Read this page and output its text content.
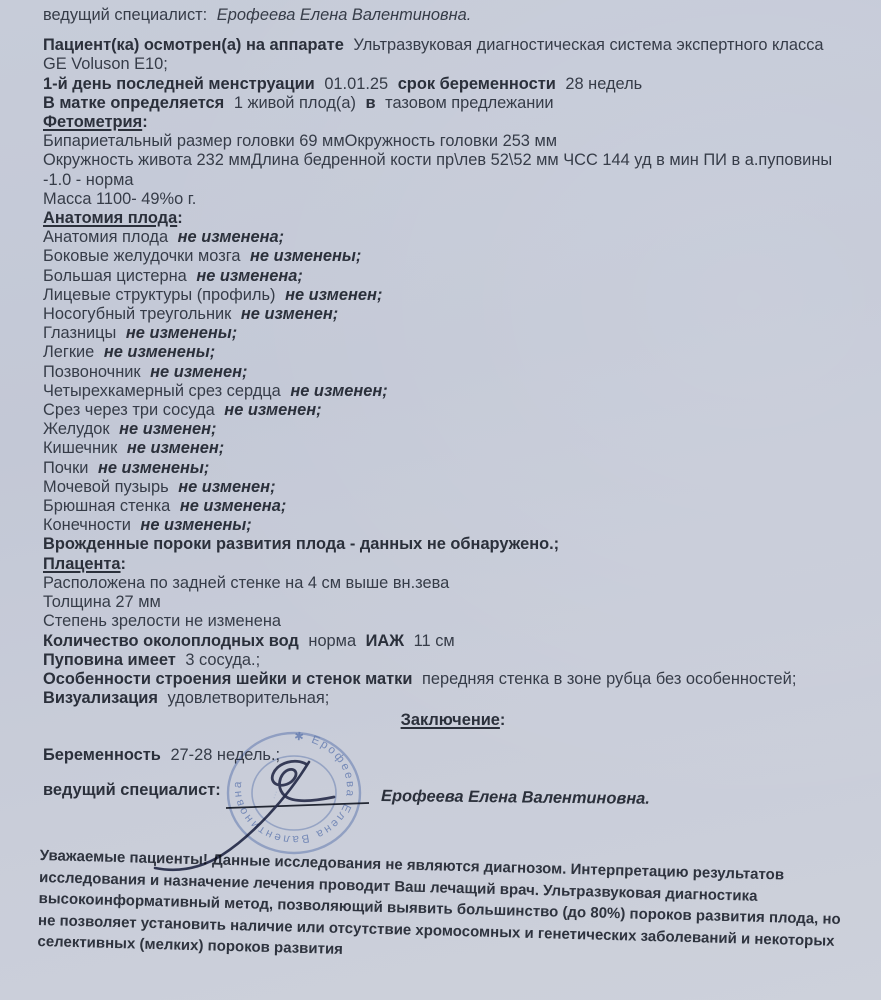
ведущий специалист: Ерофеева Елена Валентиновна.
Пациент(ка) осмотрен(а) на аппарате Ультразвуковая диагностическая система экспертного класса GE Voluson E10;
1-й день последней менструации 01.01.25 срок беременности 28 недель
В матке определяется 1 живой плод(а) в тазовом предлежании
Фетометрия:
Бипариетальный размер головки 69 ммОкружность головки 253 мм
Окружность живота 232 ммДлина бедренной кости пр\лев 52\52 мм ЧСС 144 уд в мин ПИ в а.пуповины -1.0 - норма
Масса 1100- 49%о г.
Анатомия плода:
Анатомия плода не изменена;
Боковые желудочки мозга не изменены;
Большая цистерна не изменена;
Лицевые структуры (профиль) не изменен;
Носогубный треугольник не изменен;
Глазницы не изменены;
Легкие не изменены;
Позвоночник не изменен;
Четырехкамерный срез сердца не изменен;
Срез через три сосуда не изменен;
Желудок не изменен;
Кишечник не изменен;
Почки не изменены;
Мочевой пузырь не изменен;
Брюшная стенка не изменена;
Конечности не изменены;
Врожденные пороки развития плода - данных не обнаружено.;
Плацента:
Расположена по задней стенке на 4 см выше вн.зева
Толщина 27 мм
Степень зрелости не изменена
Количество околоплодных вод норма ИАЖ 11 см
Пуповина имеет 3 сосуда.;
Особенности строения шейки и стенок матки передняя стенка в зоне рубца без особенностей;
Визуализация удовлетворительная;
Заключение:
Беременность 27-28 недель.;
ведущий специалист:	Ерофеева Елена Валентиновна.
Уважаемые пациенты! Данные исследования не являются диагнозом. Интерпретацию результатов исследования и назначение лечения проводит Ваш лечащий врач. Ультразвуковая диагностика высокоинформативный метод, позволяющий выявить большинство (до 80%) пороков развития плода, но не позволяет установить наличие или отсутствие хромосомных и генетических заболеваний и некоторых селективных (мелких) пороков развития
✱ Ерофеева Елена Валентиновна
···
